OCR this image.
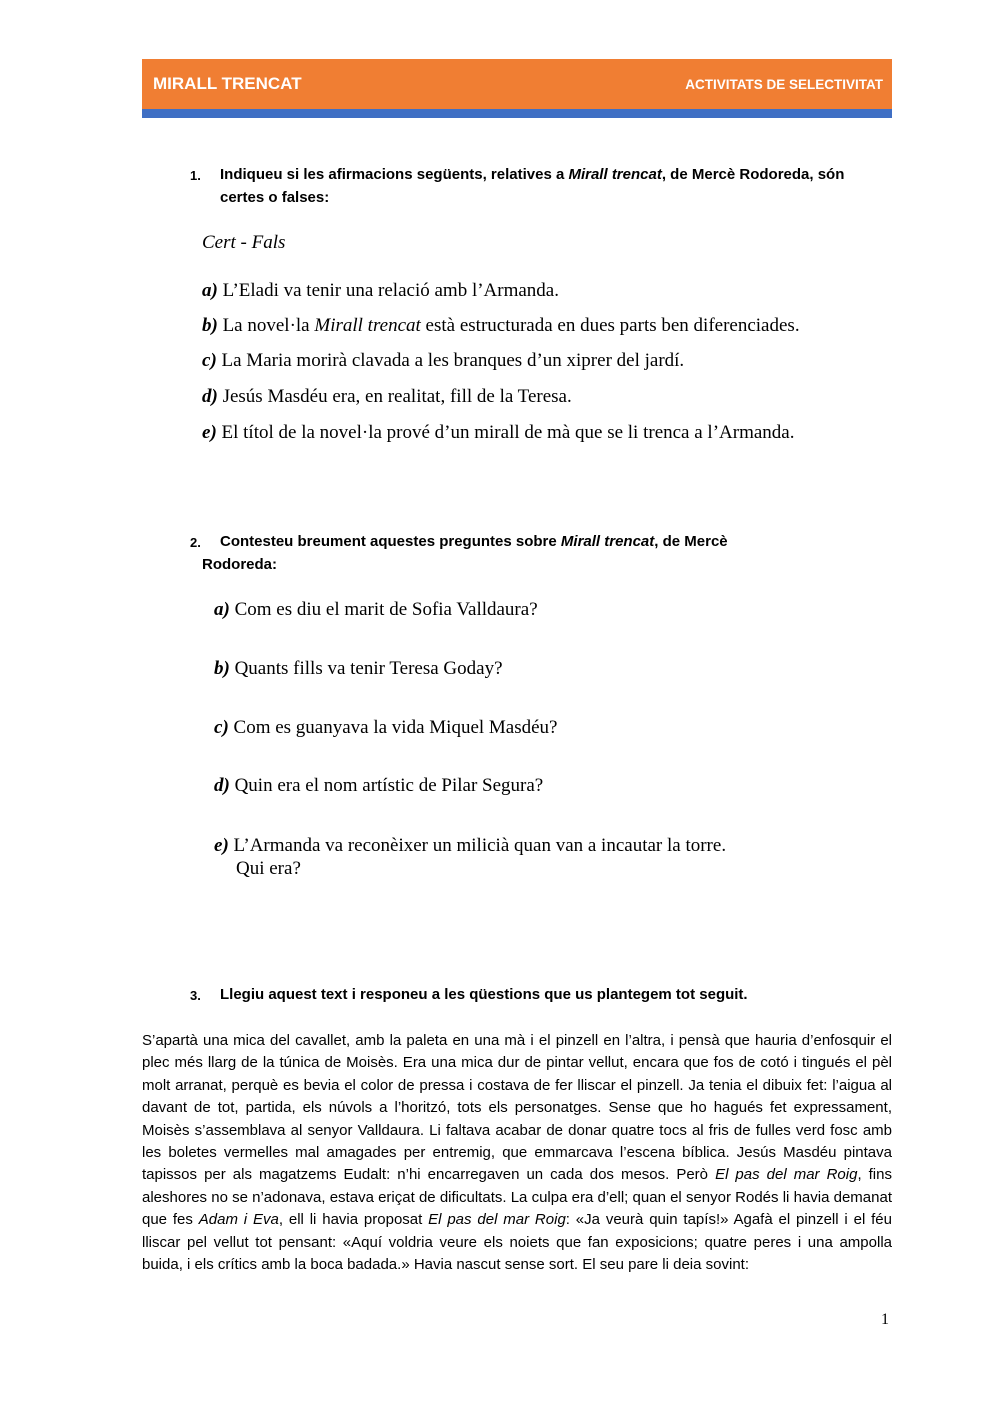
MIRALL TRENCAT	ACTIVITATS DE SELECTIVITAT
1. Indiqueu si les afirmacions següents, relatives a Mirall trencat, de Mercè Rodoreda, són
certes o falses:
Cert - Fals
a) L’Eladi va tenir una relació amb l’Armanda.
b) La novel·la Mirall trencat està estructurada en dues parts ben diferenciades.
c) La Maria morirà clavada a les branques d’un xiprer del jardí.
d) Jesús Masdéu era, en realitat, fill de la Teresa.
e) El títol de la novel·la prové d’un mirall de mà que se li trenca a l’Armanda.
2. Contesteu breument aquestes preguntes sobre Mirall trencat, de Mercè
Rodoreda:
a) Com es diu el marit de Sofia Valldaura?
b) Quants fills va tenir Teresa Goday?
c) Com es guanyava la vida Miquel Masdéu?
d) Quin era el nom artístic de Pilar Segura?
e) L’Armanda va reconèixer un milicià quan van a incautar la torre.
Qui era?
3. Llegiu aquest text i responeu a les qüestions que us plantegem tot seguit.
S’apartà una mica del cavallet, amb la paleta en una mà i el pinzell en l’altra, i pensà que hauria d’enfosquir el plec més llarg de la túnica de Moisès. Era una mica dur de pintar vellut, encara que fos de cotó i tingués el pèl molt arranat, perquè es bevia el color de pressa i costava de fer lliscar el pinzell. Ja tenia el dibuix fet: l’aigua al davant de tot, partida, els núvols a l’horitzó, tots els personatges. Sense que ho hagués fet expressament, Moisès s’assemblava al senyor Valldaura. Li faltava acabar de donar quatre tocs al fris de fulles verd fosc amb les boletes vermelles mal amagades per entremig, que emmarcava l’escena bíblica. Jesús Masdéu pintava tapissos per als magatzems Eudalt: n’hi encarregaven un cada dos mesos. Però El pas del mar Roig, fins aleshores no se n’adonava, estava eriçat de dificultats. La culpa era d’ell; quan el senyor Rodés li havia demanat que fes Adam i Eva, ell li havia proposat El pas del mar Roig: «Ja veurà quin tapís!» Agafà el pinzell i el féu lliscar pel vellut tot pensant: «Aquí voldria veure els noiets que fan exposicions; quatre peres i una ampolla buida, i els crítics amb la boca badada.» Havia nascut sense sort. El seu pare li deia sovint:
1
